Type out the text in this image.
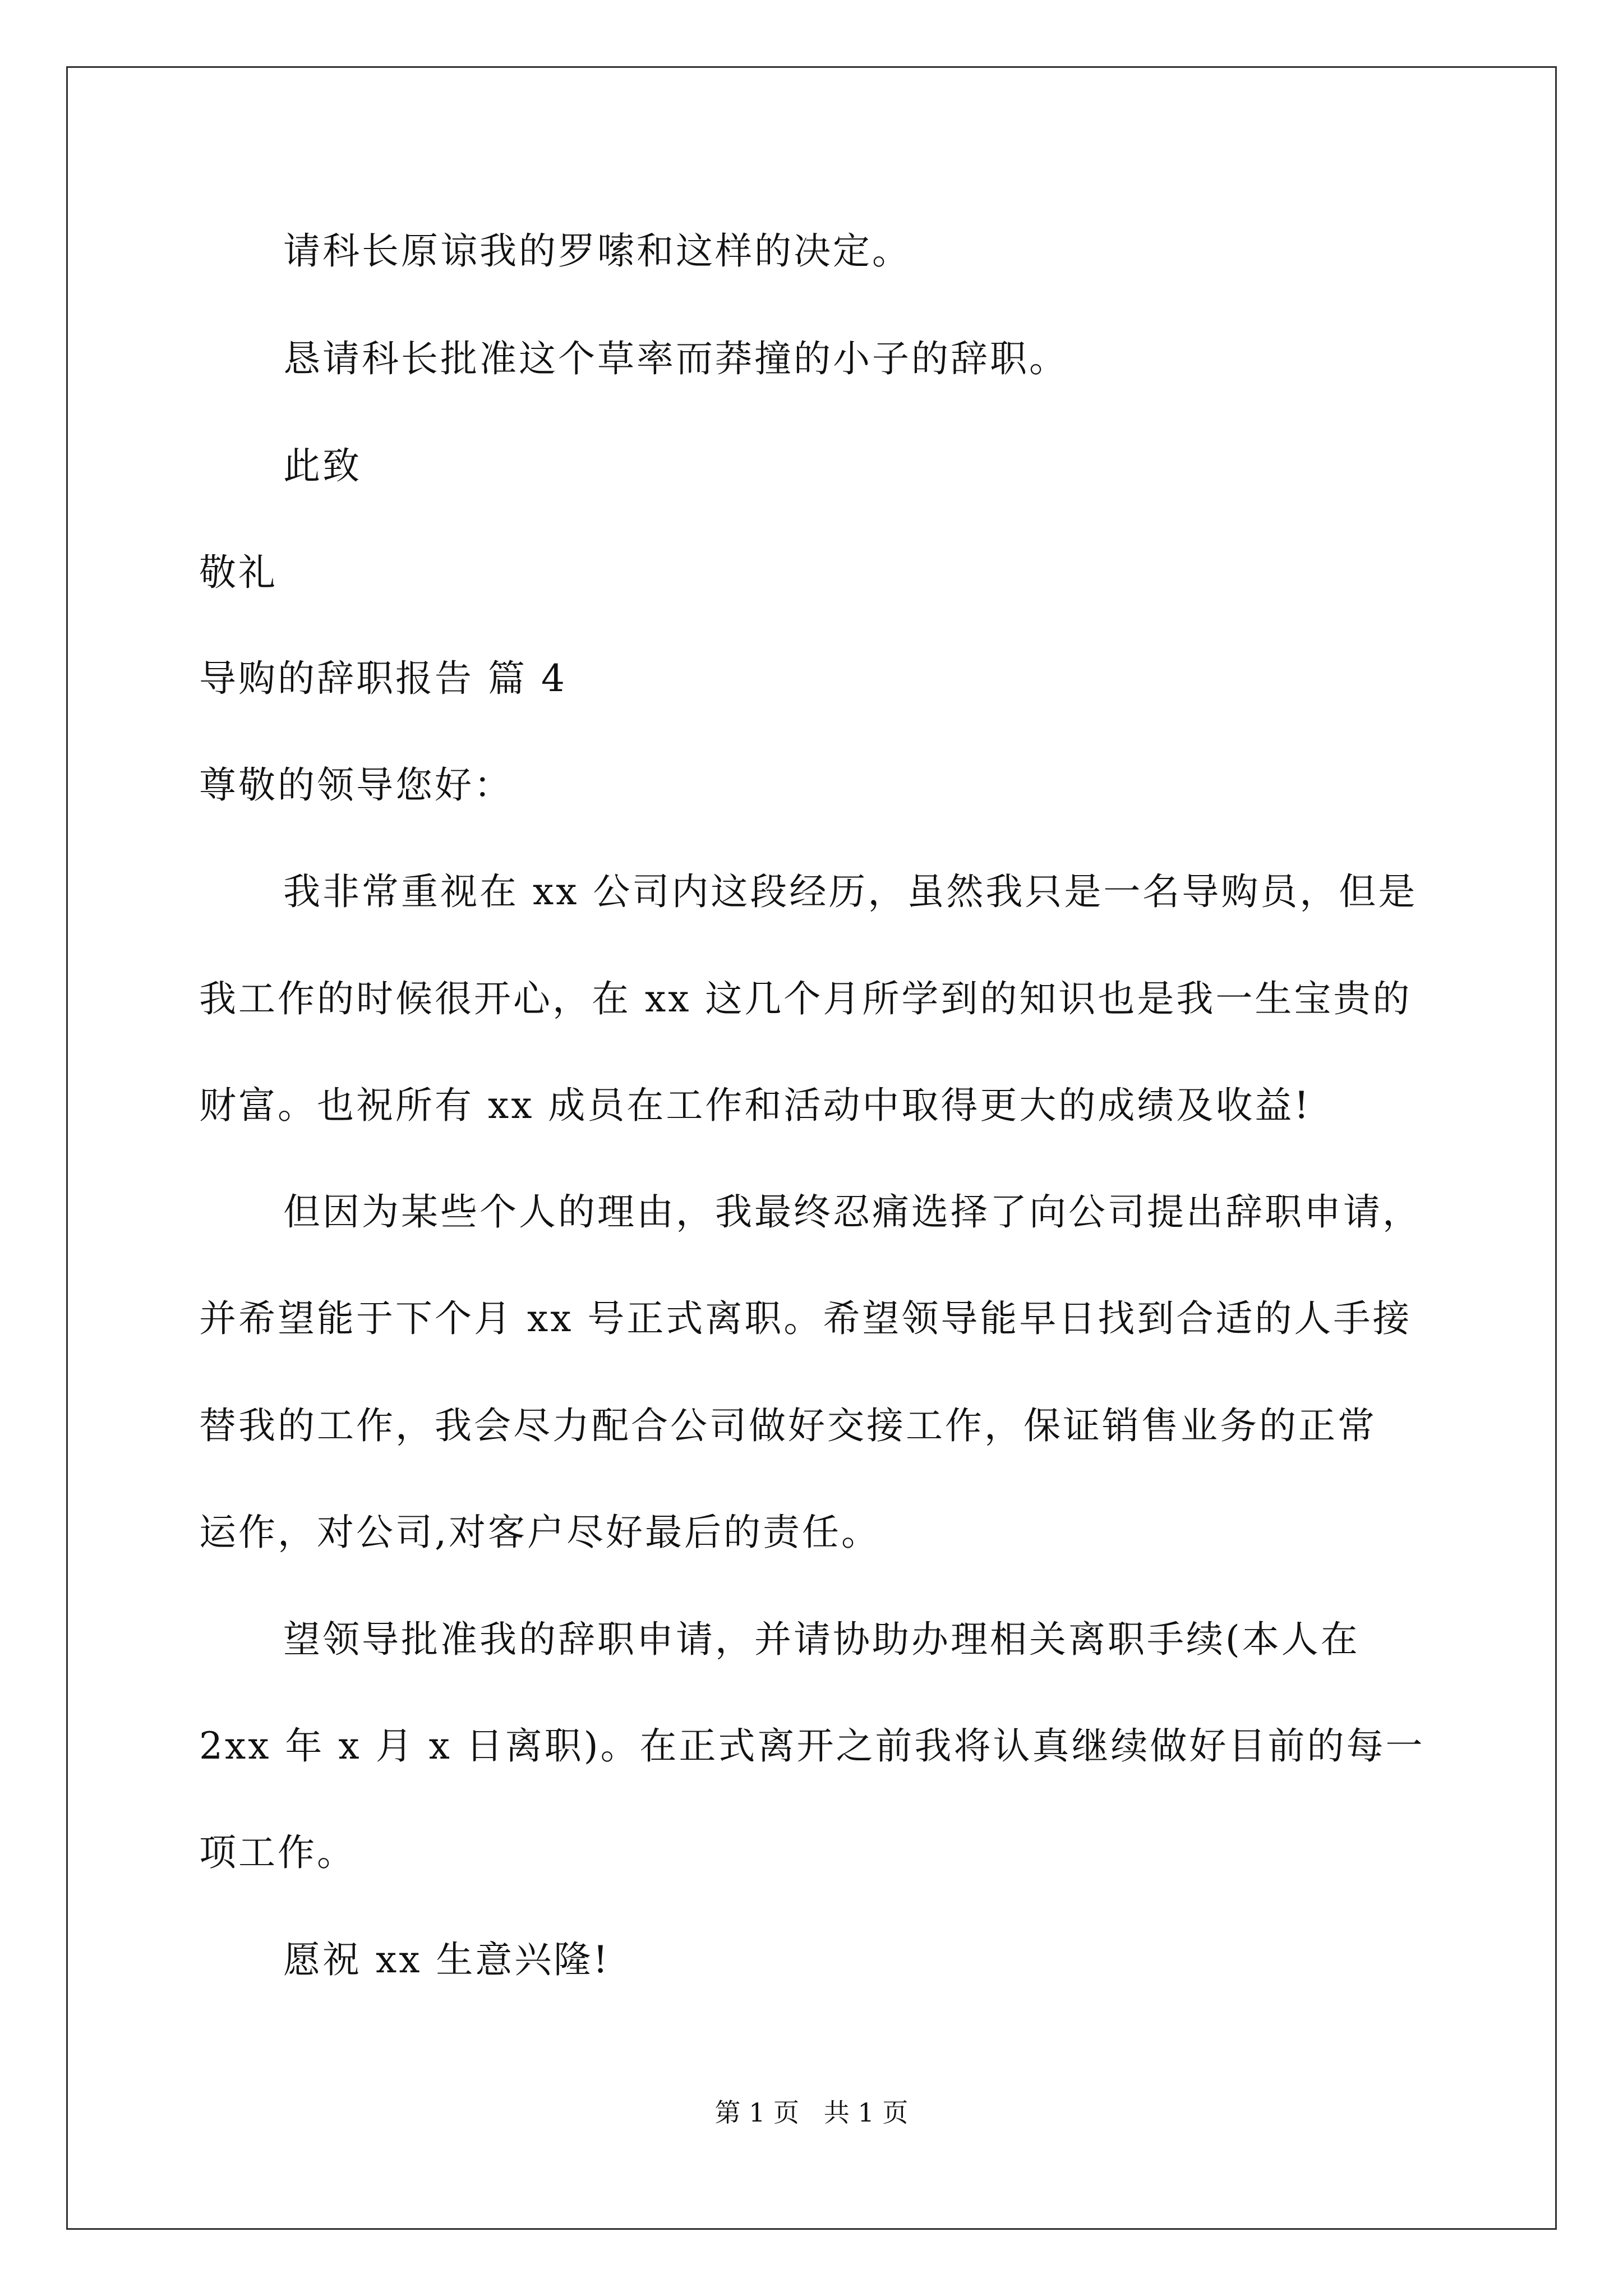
请科长原谅我的罗嗦和这样的决定。
恳请科长批准这个草率而莽撞的小子的辞职。
此致
敬礼
导购的辞职报告 篇 4
尊敬的领导您好：
我非常重视在 xx 公司内这段经历，虽然我只是一名导购员，但是
我工作的时候很开心，在 xx 这几个月所学到的知识也是我一生宝贵的
财富。也祝所有 xx 成员在工作和活动中取得更大的成绩及收益!
但因为某些个人的理由，我最终忍痛选择了向公司提出辞职申请，
并希望能于下个月 xx 号正式离职。希望领导能早日找到合适的人手接
替我的工作，我会尽力配合公司做好交接工作，保证销售业务的正常
运作，对公司,对客户尽好最后的责任。
望领导批准我的辞职申请，并请协助办理相关离职手续(本人在
2xx 年 x 月 x 日离职)。在正式离开之前我将认真继续做好目前的每一
项工作。
愿祝 xx 生意兴隆!
第 1 页   共 1 页
